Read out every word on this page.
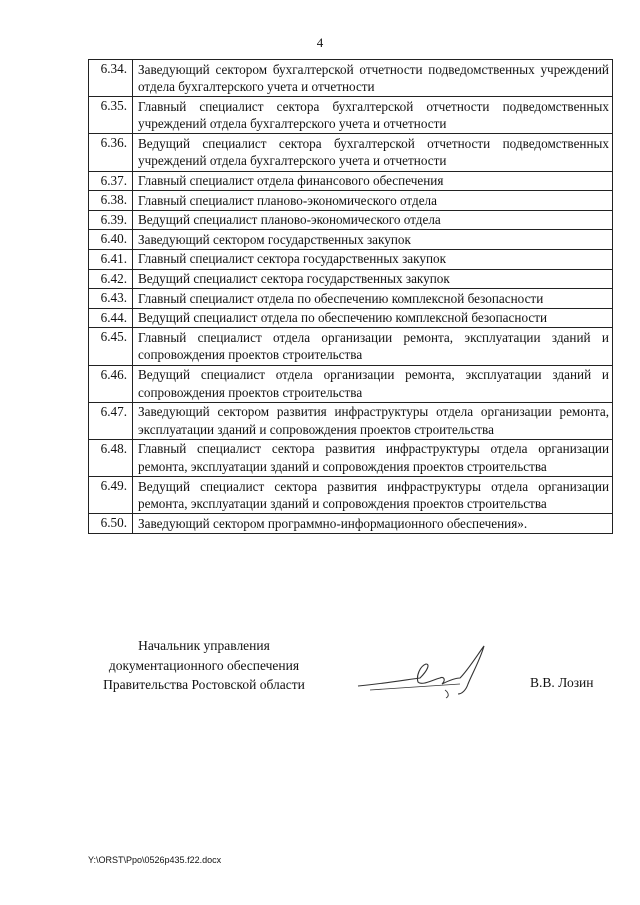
4
6.34.	Заведующий сектором бухгалтерской отчетности подведомственных учреждений отдела бухгалтерского учета и отчетности
6.35.	Главный специалист сектора бухгалтерской отчетности подведомственных учреждений отдела бухгалтерского учета и отчетности
6.36.	Ведущий специалист сектора бухгалтерской отчетности подведомственных учреждений отдела бухгалтерского учета и отчетности
6.37.	Главный специалист отдела финансового обеспечения
6.38.	Главный специалист планово-экономического отдела
6.39.	Ведущий специалист планово-экономического отдела
6.40.	Заведующий сектором государственных закупок
6.41.	Главный специалист сектора государственных закупок
6.42.	Ведущий специалист сектора государственных закупок
6.43.	Главный специалист отдела по обеспечению комплексной безопасности
6.44.	Ведущий специалист отдела по обеспечению комплексной безопасности
6.45.	Главный специалист отдела организации ремонта, эксплуатации зданий и сопровождения проектов строительства
6.46.	Ведущий специалист отдела организации ремонта, эксплуатации зданий и сопровождения проектов строительства
6.47.	Заведующий сектором развития инфраструктуры отдела организации ремонта, эксплуатации зданий и сопровождения проектов строительства
6.48.	Главный специалист сектора развития инфраструктуры отдела организации ремонта, эксплуатации зданий и сопровождения проектов строительства
6.49.	Ведущий специалист сектора развития инфраструктуры отдела организации ремонта, эксплуатации зданий и сопровождения проектов строительства
6.50.	Заведующий сектором программно-информационного обеспечения».
Начальник управления
документационного обеспечения
Правительства Ростовской области	В.В. Лозин
Y:\ORST\Ppo\0526p435.f22.docx
